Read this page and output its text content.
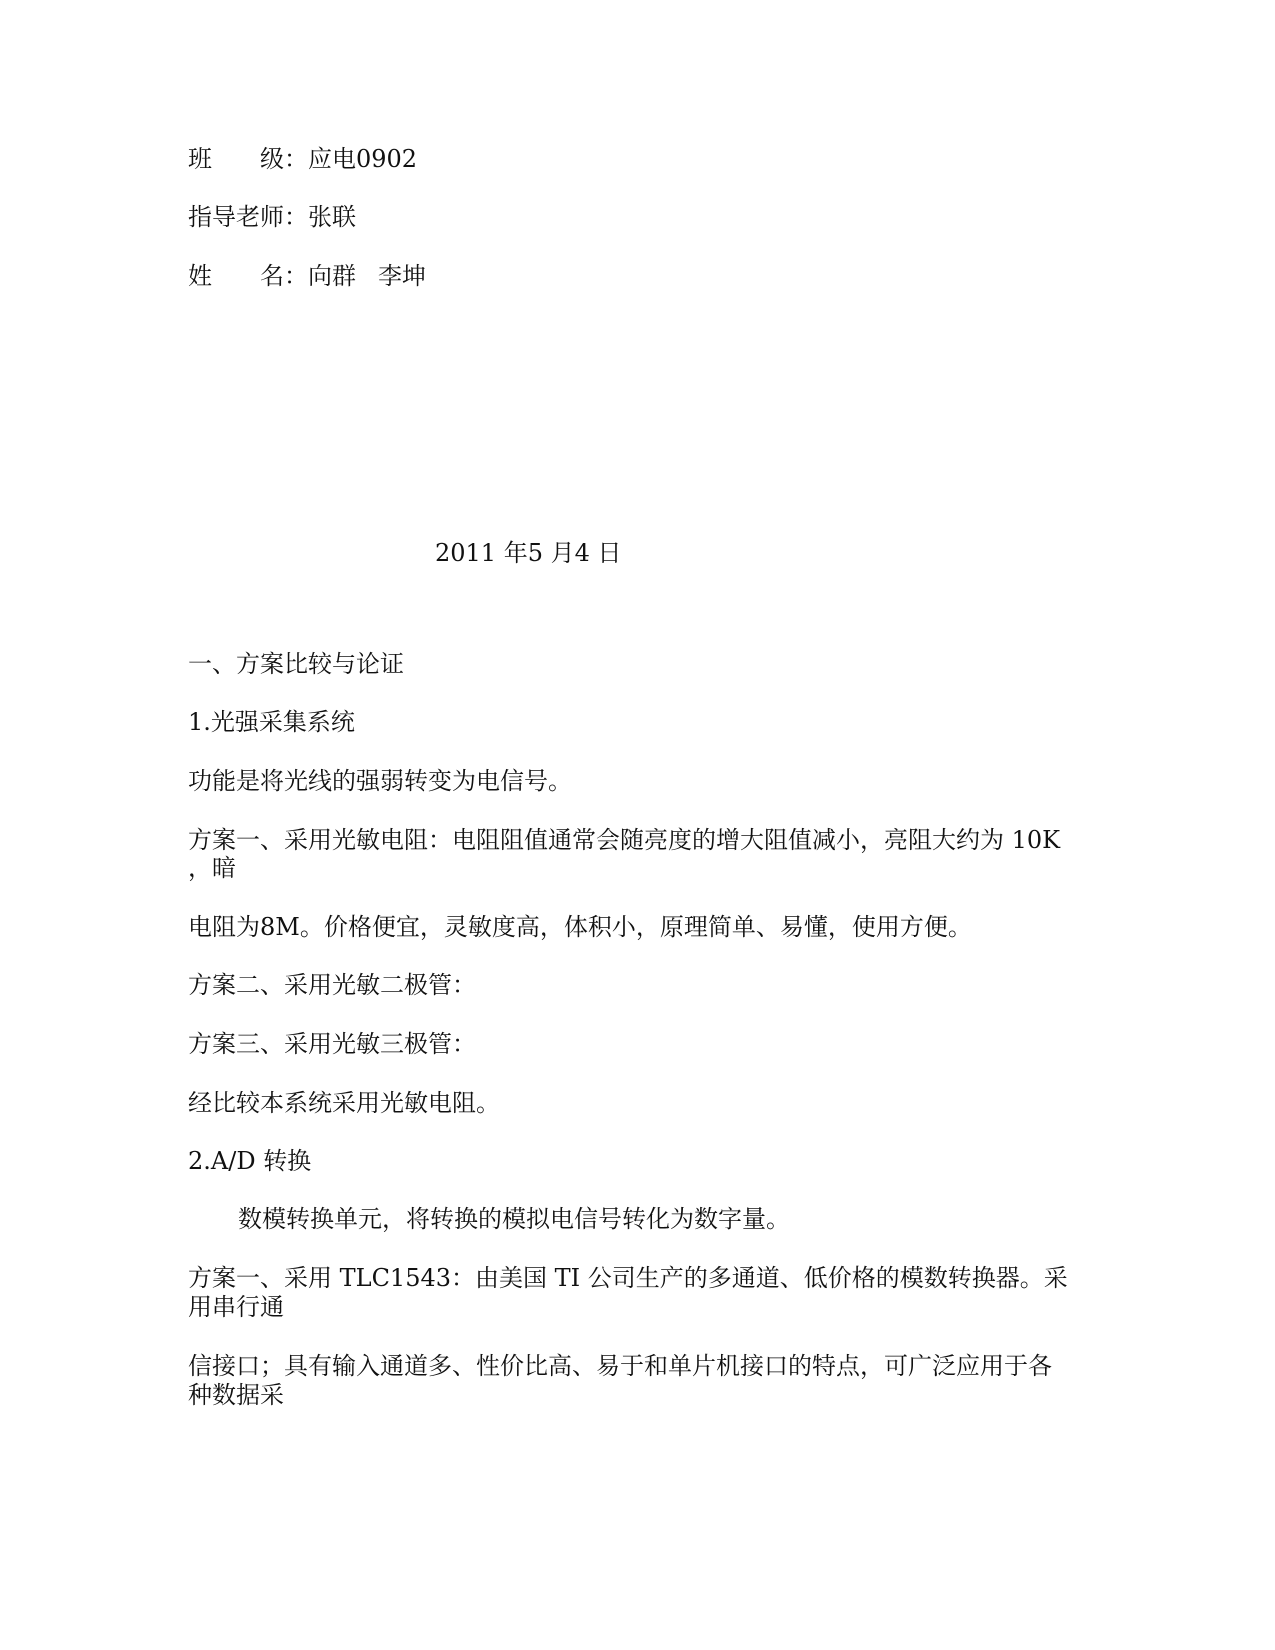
班　　级：应电0902
指导老师：张联
姓　　名：向群 李坤
2011 年5 月4 日
一、方案比较与论证
1.光强采集系统
功能是将光线的强弱转变为电信号。
方案一、采用光敏电阻：电阻阻值通常会随亮度的增大阻值减小，亮阻大约为 10K
，暗
电阻为8M。价格便宜，灵敏度高，体积小，原理简单、易懂，使用方便。
方案二、采用光敏二极管：
方案三、采用光敏三极管：
经比较本系统采用光敏电阻。
2.A/D 转换
数模转换单元，将转换的模拟电信号转化为数字量。
方案一、采用 TLC1543：由美国 TI 公司生产的多通道、低价格的模数转换器。采
用串行通
信接口；具有输入通道多、性价比高、易于和单片机接口的特点，可广泛应用于各
种数据采
